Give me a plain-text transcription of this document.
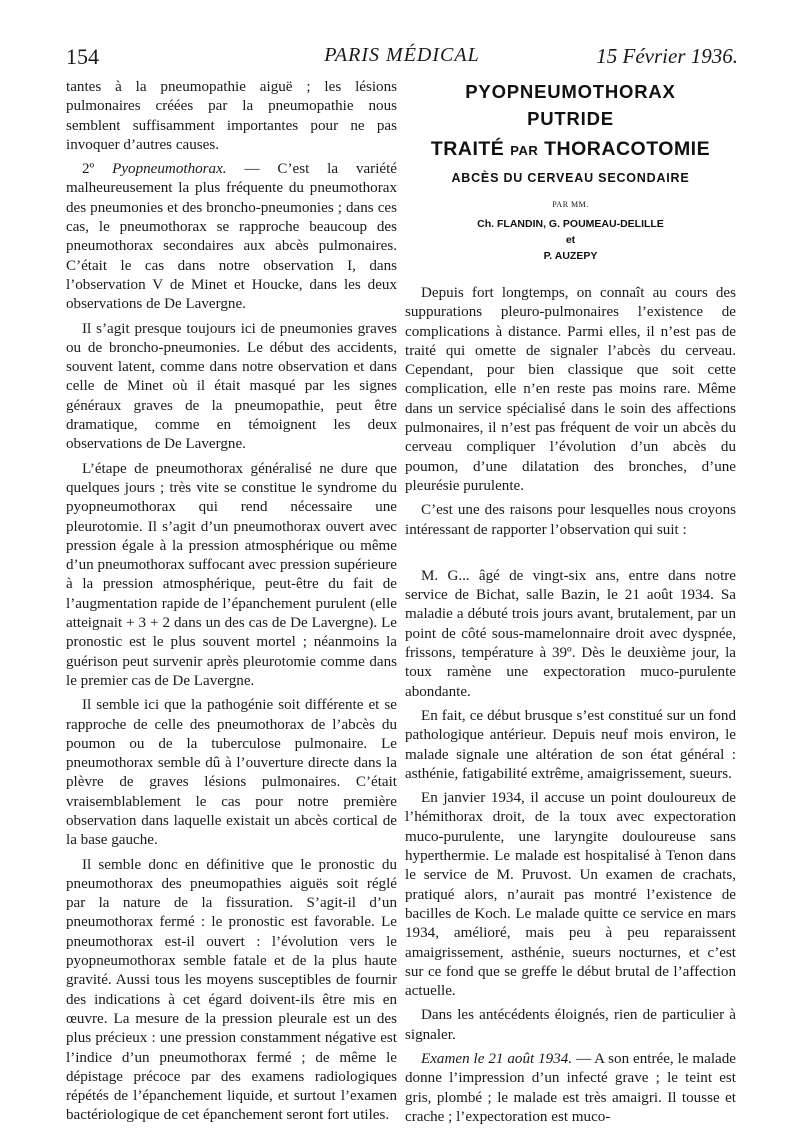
154	PARIS MÉDICAL	15 Février 1936.

tantes à la pneumopathie aiguë ; les lésions pulmonaires créées par la pneumopathie nous semblent suffisamment importantes pour ne pas invoquer d’autres causes.

2º Pyopneumothorax. — C’est la variété malheureusement la plus fréquente du pneumothorax des pneumonies et des broncho-pneumonies ; dans ces cas, le pneumothorax se rapproche beaucoup des pneumothorax secondaires aux abcès pulmonaires. C’était le cas dans notre observation I, dans l’observation V de Minet et Houcke, dans les deux observations de De Lavergne.

Il s’agit presque toujours ici de pneumonies graves ou de broncho-pneumonies. Le début des accidents, souvent latent, comme dans notre observation et dans celle de Minet où il était masqué par les signes généraux graves de la pneumopathie, peut être dramatique, comme en témoignent les deux observations de De Lavergne.

L’étape de pneumothorax généralisé ne dure que quelques jours ; très vite se constitue le syndrome du pyopneumothorax qui rend nécessaire une pleurotomie. Il s’agit d’un pneumothorax ouvert avec pression égale à la pression atmosphérique ou même d’un pneumothorax suffocant avec pression supérieure à la pression atmosphérique, peut-être du fait de l’augmentation rapide de l’épanchement purulent (elle atteignait + 3 + 2 dans un des cas de De Lavergne). Le pronostic est le plus souvent mortel ; néanmoins la guérison peut survenir après pleurotomie comme dans le premier cas de De Lavergne.

Il semble ici que la pathogénie soit différente et se rapproche de celle des pneumothorax de l’abcès du poumon ou de la tuberculose pulmonaire. Le pneumothorax semble dû à l’ouverture directe dans la plèvre de graves lésions pulmonaires. C’était vraisemblablement le cas pour notre première observation dans laquelle existait un abcès cortical de la base gauche.

Il semble donc en définitive que le pronostic du pneumothorax des pneumopathies aiguës soit réglé par la nature de la fissuration. S’agit-il d’un pneumothorax fermé : le pronostic est favorable. Le pneumothorax est-il ouvert : l’évolution vers le pyopneumothorax semble fatale et de la plus haute gravité. Aussi tous les moyens susceptibles de fournir des indications à cet égard doivent-ils être mis en œuvre. La mesure de la pression pleurale est un des plus précieux : une pression constamment négative est l’indice d’un pneumothorax fermé ; de même le dépistage précoce par des examens radiologiques répétés de l’épanchement liquide, et surtout l’examen bactériologique de cet épanchement seront fort utiles.

PYOPNEUMOTHORAX
PUTRIDE
TRAITÉ PAR THORACOTOMIE
ABCÈS DU CERVEAU SECONDAIRE
PAR MM.
Ch. FLANDIN, G. POUMEAU-DELILLE
et
P. AUZEPY

Depuis fort longtemps, on connaît au cours des suppurations pleuro-pulmonaires l’existence de complications à distance. Parmi elles, il n’est pas de traité qui omette de signaler l’abcès du cerveau. Cependant, pour bien classique que soit cette complication, elle n’en reste pas moins rare. Même dans un service spécialisé dans le soin des affections pulmonaires, il n’est pas fréquent de voir un abcès du cerveau compliquer l’évolution d’un abcès du poumon, d’une dilatation des bronches, d’une pleurésie purulente.

C’est une des raisons pour lesquelles nous croyons intéressant de rapporter l’observation qui suit :

M. G... âgé de vingt-six ans, entre dans notre service de Bichat, salle Bazin, le 21 août 1934. Sa maladie a débuté trois jours avant, brutalement, par un point de côté sous-mamelonnaire droit avec dyspnée, frissons, température à 39º. Dès le deuxième jour, la toux ramène une expectoration muco-purulente abondante.

En fait, ce début brusque s’est constitué sur un fond pathologique antérieur. Depuis neuf mois environ, le malade signale une altération de son état général : asthénie, fatigabilité extrême, amaigrissement, sueurs.

En janvier 1934, il accuse un point douloureux de l’hémithorax droit, de la toux avec expectoration muco-purulente, une laryngite douloureuse sans hyperthermie. Le malade est hospitalisé à Tenon dans le service de M. Pruvost. Un examen de crachats, pratiqué alors, n’aurait pas montré l’existence de bacilles de Koch. Le malade quitte ce service en mars 1934, amélioré, mais peu à peu reparaissent amaigrissement, asthénie, sueurs nocturnes, et c’est sur ce fond que se greffe le début brutal de l’affection actuelle.

Dans les antécédents éloignés, rien de particulier à signaler.

Examen le 21 août 1934. — A son entrée, le malade donne l’impression d’un infecté grave ; le teint est gris, plombé ; le malade est très amaigri. Il tousse et crache ; l’expectoration est muco-
